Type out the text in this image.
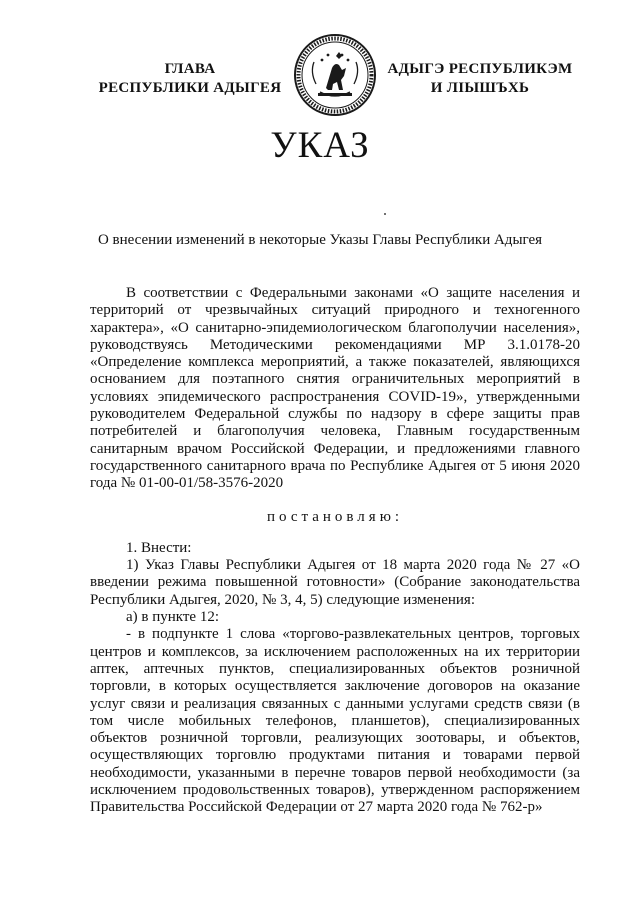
ГЛАВА
РЕСПУБЛИКИ АДЫГЕЯ
АДЫГЭ РЕСПУБЛИКЭМ
И ЛІЫШЪХЬ
УКАЗ
О внесении изменений в некоторые Указы Главы Республики Адыгея

В соответствии с Федеральными законами «О защите населения и территорий от чрезвычайных ситуаций природного и техногенного характера», «О санитарно-эпидемиологическом благополучии населения», руководствуясь Методическими рекомендациями МР 3.1.0178-20 «Определение комплекса мероприятий, а также показателей, являющихся основанием для поэтапного снятия ограничительных мероприятий в условиях эпидемического распространения COVID-19», утвержденными руководителем Федеральной службы по надзору в сфере защиты прав потребителей и благополучия человека, Главным государственным санитарным врачом Российской Федерации, и предложениями главного государственного санитарного врача по Республике Адыгея от 5 июня 2020 года № 01-00-01/58-3576-2020

постановляю:

1. Внести:

1) Указ Главы Республики Адыгея от 18 марта 2020 года № 27 «О введении режима повышенной готовности» (Собрание законодательства Республики Адыгея, 2020, № 3, 4, 5) следующие изменения:

а) в пункте 12:

- в подпункте 1 слова «торгово-развлекательных центров, торговых центров и комплексов, за исключением расположенных на их территории аптек, аптечных пунктов, специализированных объектов розничной торговли, в которых осуществляется заключение договоров на оказание услуг связи и реализация связанных с данными услугами средств связи (в том числе мобильных телефонов, планшетов), специализированных объектов розничной торговли, реализующих зоотовары, и объектов, осуществляющих торговлю продуктами питания и товарами первой необходимости, указанными в перечне товаров первой необходимости (за исключением продовольственных товаров), утвержденном распоряжением Правительства Российской Федерации от 27 марта 2020 года № 762-р»
